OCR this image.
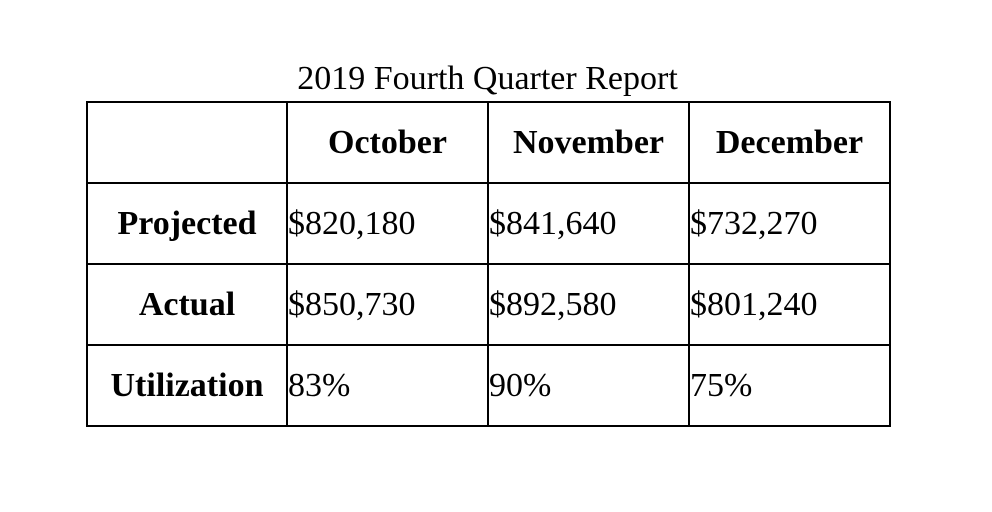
2019 Fourth Quarter Report
	October	November	December
Projected	$820,180	$841,640	$732,270
Actual	$850,730	$892,580	$801,240
Utilization	83%	90%	75%
